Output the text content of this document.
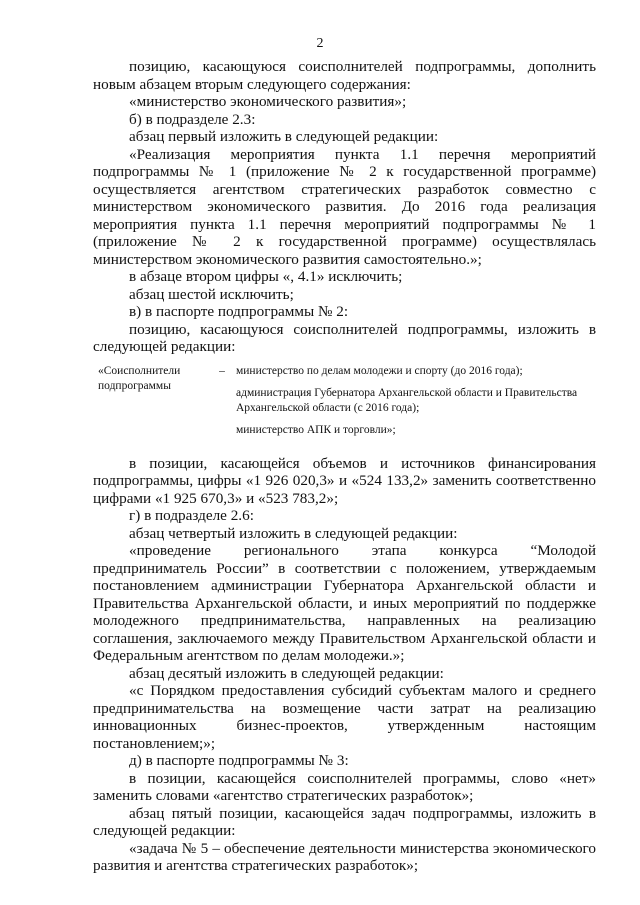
2

позицию, касающуюся соисполнителей подпрограммы, дополнить новым абзацем вторым следующего содержания:

«министерство экономического развития»;

б) в подразделе 2.3:

абзац первый изложить в следующей редакции:

«Реализация мероприятия пункта 1.1 перечня мероприятий подпрограммы № 1 (приложение № 2 к государственной программе) осуществляется агентством стратегических разработок совместно с министерством экономического развития. До 2016 года реализация мероприятия пункта 1.1 перечня мероприятий подпрограммы № 1 (приложение № 2 к государственной программе) осуществлялась министерством экономического развития самостоятельно.»;

в абзаце втором цифры «, 4.1» исключить;

абзац шестой исключить;

в) в паспорте подпрограммы № 2:

позицию, касающуюся соисполнителей подпрограммы, изложить в следующей редакции:

«Соисполнители подпрограммы
– министерство по делам молодежи и спорту (до 2016 года);
администрация Губернатора Архангельской области и Правительства Архангельской области (с 2016 года);
министерство АПК и торговли»;

в позиции, касающейся объемов и источников финансирования подпрограммы, цифры «1 926 020,3» и «524 133,2» заменить соответственно цифрами «1 925 670,3» и «523 783,2»;

г) в подразделе 2.6:

абзац четвертый изложить в следующей редакции:

«проведение регионального этапа конкурса “Молодой предприниматель России” в соответствии с положением, утверждаемым постановлением администрации Губернатора Архангельской области и Правительства Архангельской области, и иных мероприятий по поддержке молодежного предпринимательства, направленных на реализацию соглашения, заключаемого между Правительством Архангельской области и Федеральным агентством по делам молодежи.»;

абзац десятый изложить в следующей редакции:

«с Порядком предоставления субсидий субъектам малого и среднего предпринимательства на возмещение части затрат на реализацию инновационных бизнес-проектов, утвержденным настоящим постановлением;»;

д) в паспорте подпрограммы № 3:

в позиции, касающейся соисполнителей программы, слово «нет» заменить словами «агентство стратегических разработок»;

абзац пятый позиции, касающейся задач подпрограммы, изложить в следующей редакции:

«задача № 5 – обеспечение деятельности министерства экономического развития и агентства стратегических разработок»;
